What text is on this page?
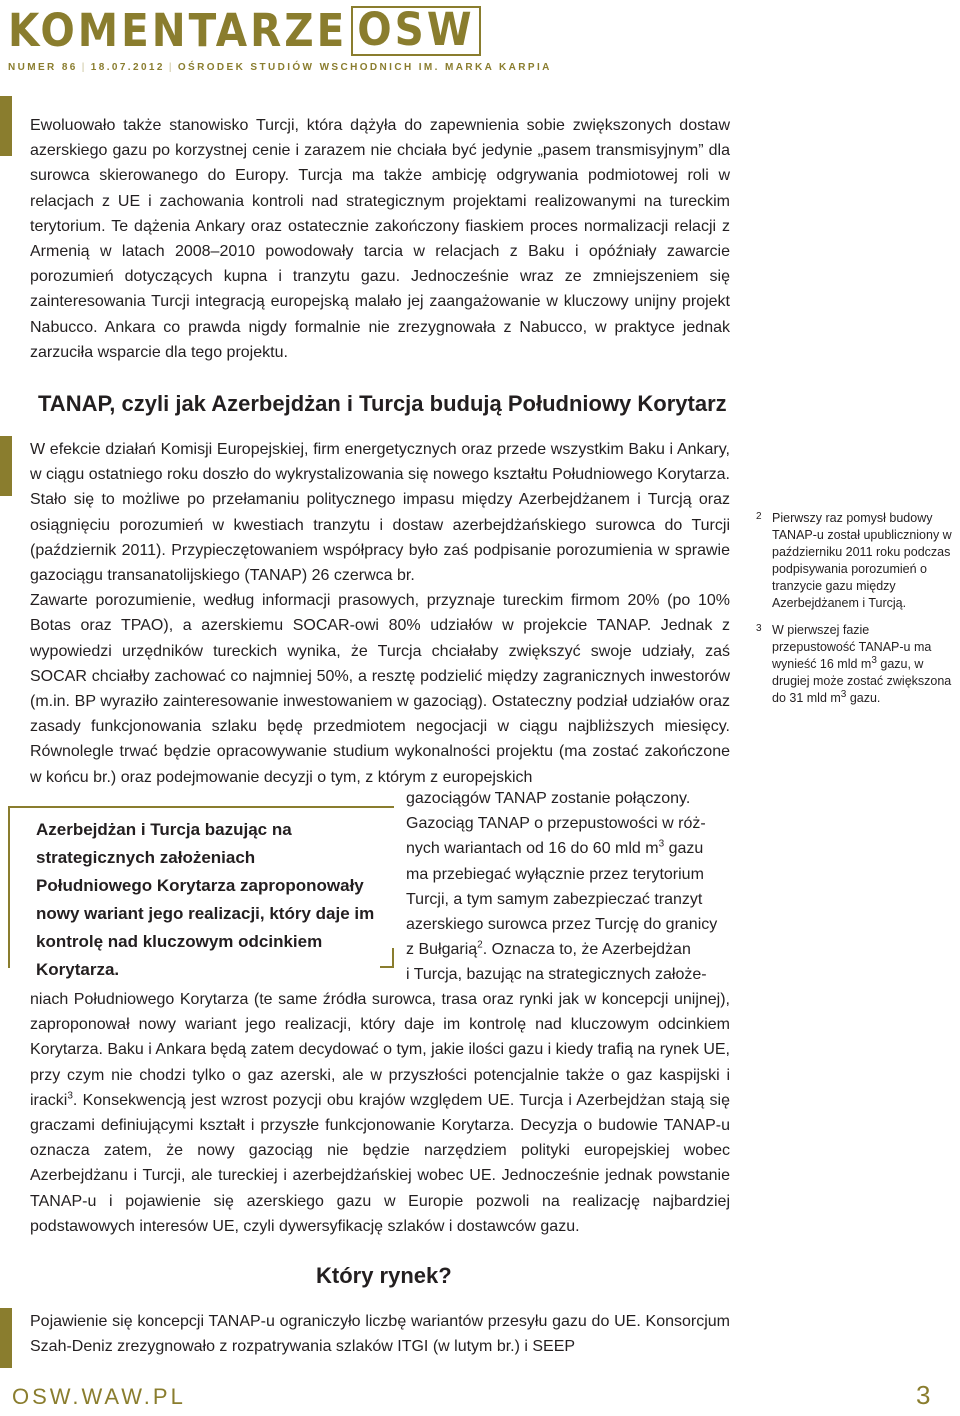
KOMENTARZE OSW
NUMER 86 | 18.07.2012 | OŚRODEK STUDIÓW WSCHODNICH IM. MARKA KARPIA

Ewoluowało także stanowisko Turcji, która dążyła do zapewnienia sobie zwiększonych dostaw azerskiego gazu po korzystnej cenie i zarazem nie chciała być jedynie „pasem transmisyjnym” dla surowca skierowanego do Europy. Turcja ma także ambicję odgrywania podmiotowej roli w relacjach z UE i zachowania kontroli nad strategicznym projektami realizowanymi na tureckim terytorium. Te dążenia Ankary oraz ostatecznie zakończony fiaskiem proces normalizacji relacji z Armenią w latach 2008–2010 powodowały tarcia w relacjach z Baku i opóźniały zawarcie porozumień dotyczących kupna i tranzytu gazu. Jednocześnie wraz ze zmniejszeniem się zainteresowania Turcji integracją europejską malało jej zaangażowanie w kluczowy unijny projekt Nabucco. Ankara co prawda nigdy formalnie nie zrezygnowała z Nabucco, w praktyce jednak zarzuciła wsparcie dla tego projektu.

TANAP, czyli jak Azerbejdżan i Turcja budują Południowy Korytarz

W efekcie działań Komisji Europejskiej, firm energetycznych oraz przede wszystkim Baku i Ankary, w ciągu ostatniego roku doszło do wykrystalizowania się nowego kształtu Południowego Korytarza. Stało się to możliwe po przełamaniu politycznego impasu między Azerbejdżanem i Turcją oraz osiągnięciu porozumień w kwestiach tranzytu i dostaw azerbejdżańskiego surowca do Turcji (październik 2011). Przypieczętowaniem współpracy było zaś podpisanie porozumienia w sprawie gazociągu transanatolijskiego (TANAP) 26 czerwca br.

Zawarte porozumienie, według informacji prasowych, przyznaje tureckim firmom 20% (po 10% Botas oraz TPAO), a azerskiemu SOCAR-owi 80% udziałów w projekcie TANAP. Jednak z wypowiedzi urzędników tureckich wynika, że Turcja chciałaby zwiększyć swoje udziały, zaś SOCAR chciałby zachować co najmniej 50%, a resztę podzielić między zagranicznych inwestorów (m.in. BP wyraziło zainteresowanie inwestowaniem w gazociąg). Ostateczny podział udziałów oraz zasady funkcjonowania szlaku będę przedmiotem negocjacji w ciągu najbliższych miesięcy. Równolegle trwać będzie opracowywanie studium wykonalności projektu (ma zostać zakończone w końcu br.) oraz podejmowanie decyzji o tym, z którym z europejskich

Azerbejdżan i Turcja bazując na strategicznych założeniach Południowego Korytarza zaproponowały nowy wariant jego realizacji, który daje im kontrolę nad kluczowym odcinkiem Korytarza.

gazociągów TANAP zostanie połączony.

Gazociąg TANAP o przepustowości w róż-

nych wariantach od 16 do 60 mld $m^3$ gazu

ma przebiegać wyłącznie przez terytorium

Turcji, a tym samym zabezpieczać tranzyt

azerskiego surowca przez Turcję do granicy

z Bułgarią$^2$. Oznacza to, że Azerbejdżan

i Turcja, bazując na strategicznych założe-

niach Południowego Korytarza (te same źródła surowca, trasa oraz rynki jak w koncepcji unijnej), zaproponował nowy wariant jego realizacji, który daje im kontrolę nad kluczowym odcinkiem Korytarza. Baku i Ankara będą zatem decydować o tym, jakie ilości gazu i kiedy trafią na rynek UE, przy czym nie chodzi tylko o gaz azerski, ale w przyszłości potencjalnie także o gaz kaspijski i iracki$^3$. Konsekwencją jest wzrost pozycji obu krajów względem UE. Turcja i Azerbejdżan stają się graczami definiującymi kształt i przyszłe funkcjonowanie Korytarza. Decyzja o budowie TANAP-u oznacza zatem, że nowy gazociąg nie będzie narzędziem polityki europejskiej wobec Azerbejdżanu i Turcji, ale tureckiej i azerbejdżańskiej wobec UE. Jednocześnie jednak powstanie TANAP-u i pojawienie się azerskiego gazu w Europie pozwoli na realizację najbardziej podstawowych interesów UE, czyli dywersyfikację szlaków i dostawców gazu.

2 Pierwszy raz pomysł budowy TANAP-u został upubliczniony w październiku 2011 roku podczas podpisywania porozumień o tranzycie gazu między Azerbejdżanem i Turcją.
3 W pierwszej fazie przepustowość TANAP-u ma wynieść 16 mld $m^3$ gazu, w drugiej może zostać zwiększona do 31 mld $m^3$ gazu.
Który rynek?

Pojawienie się koncepcji TANAP-u ograniczyło liczbę wariantów przesyłu gazu do UE. Konsorcjum Szah-Deniz zrezygnowało z rozpatrywania szlaków ITGI (w lutym br.) i SEEP

OSW.WAW.PL	3
